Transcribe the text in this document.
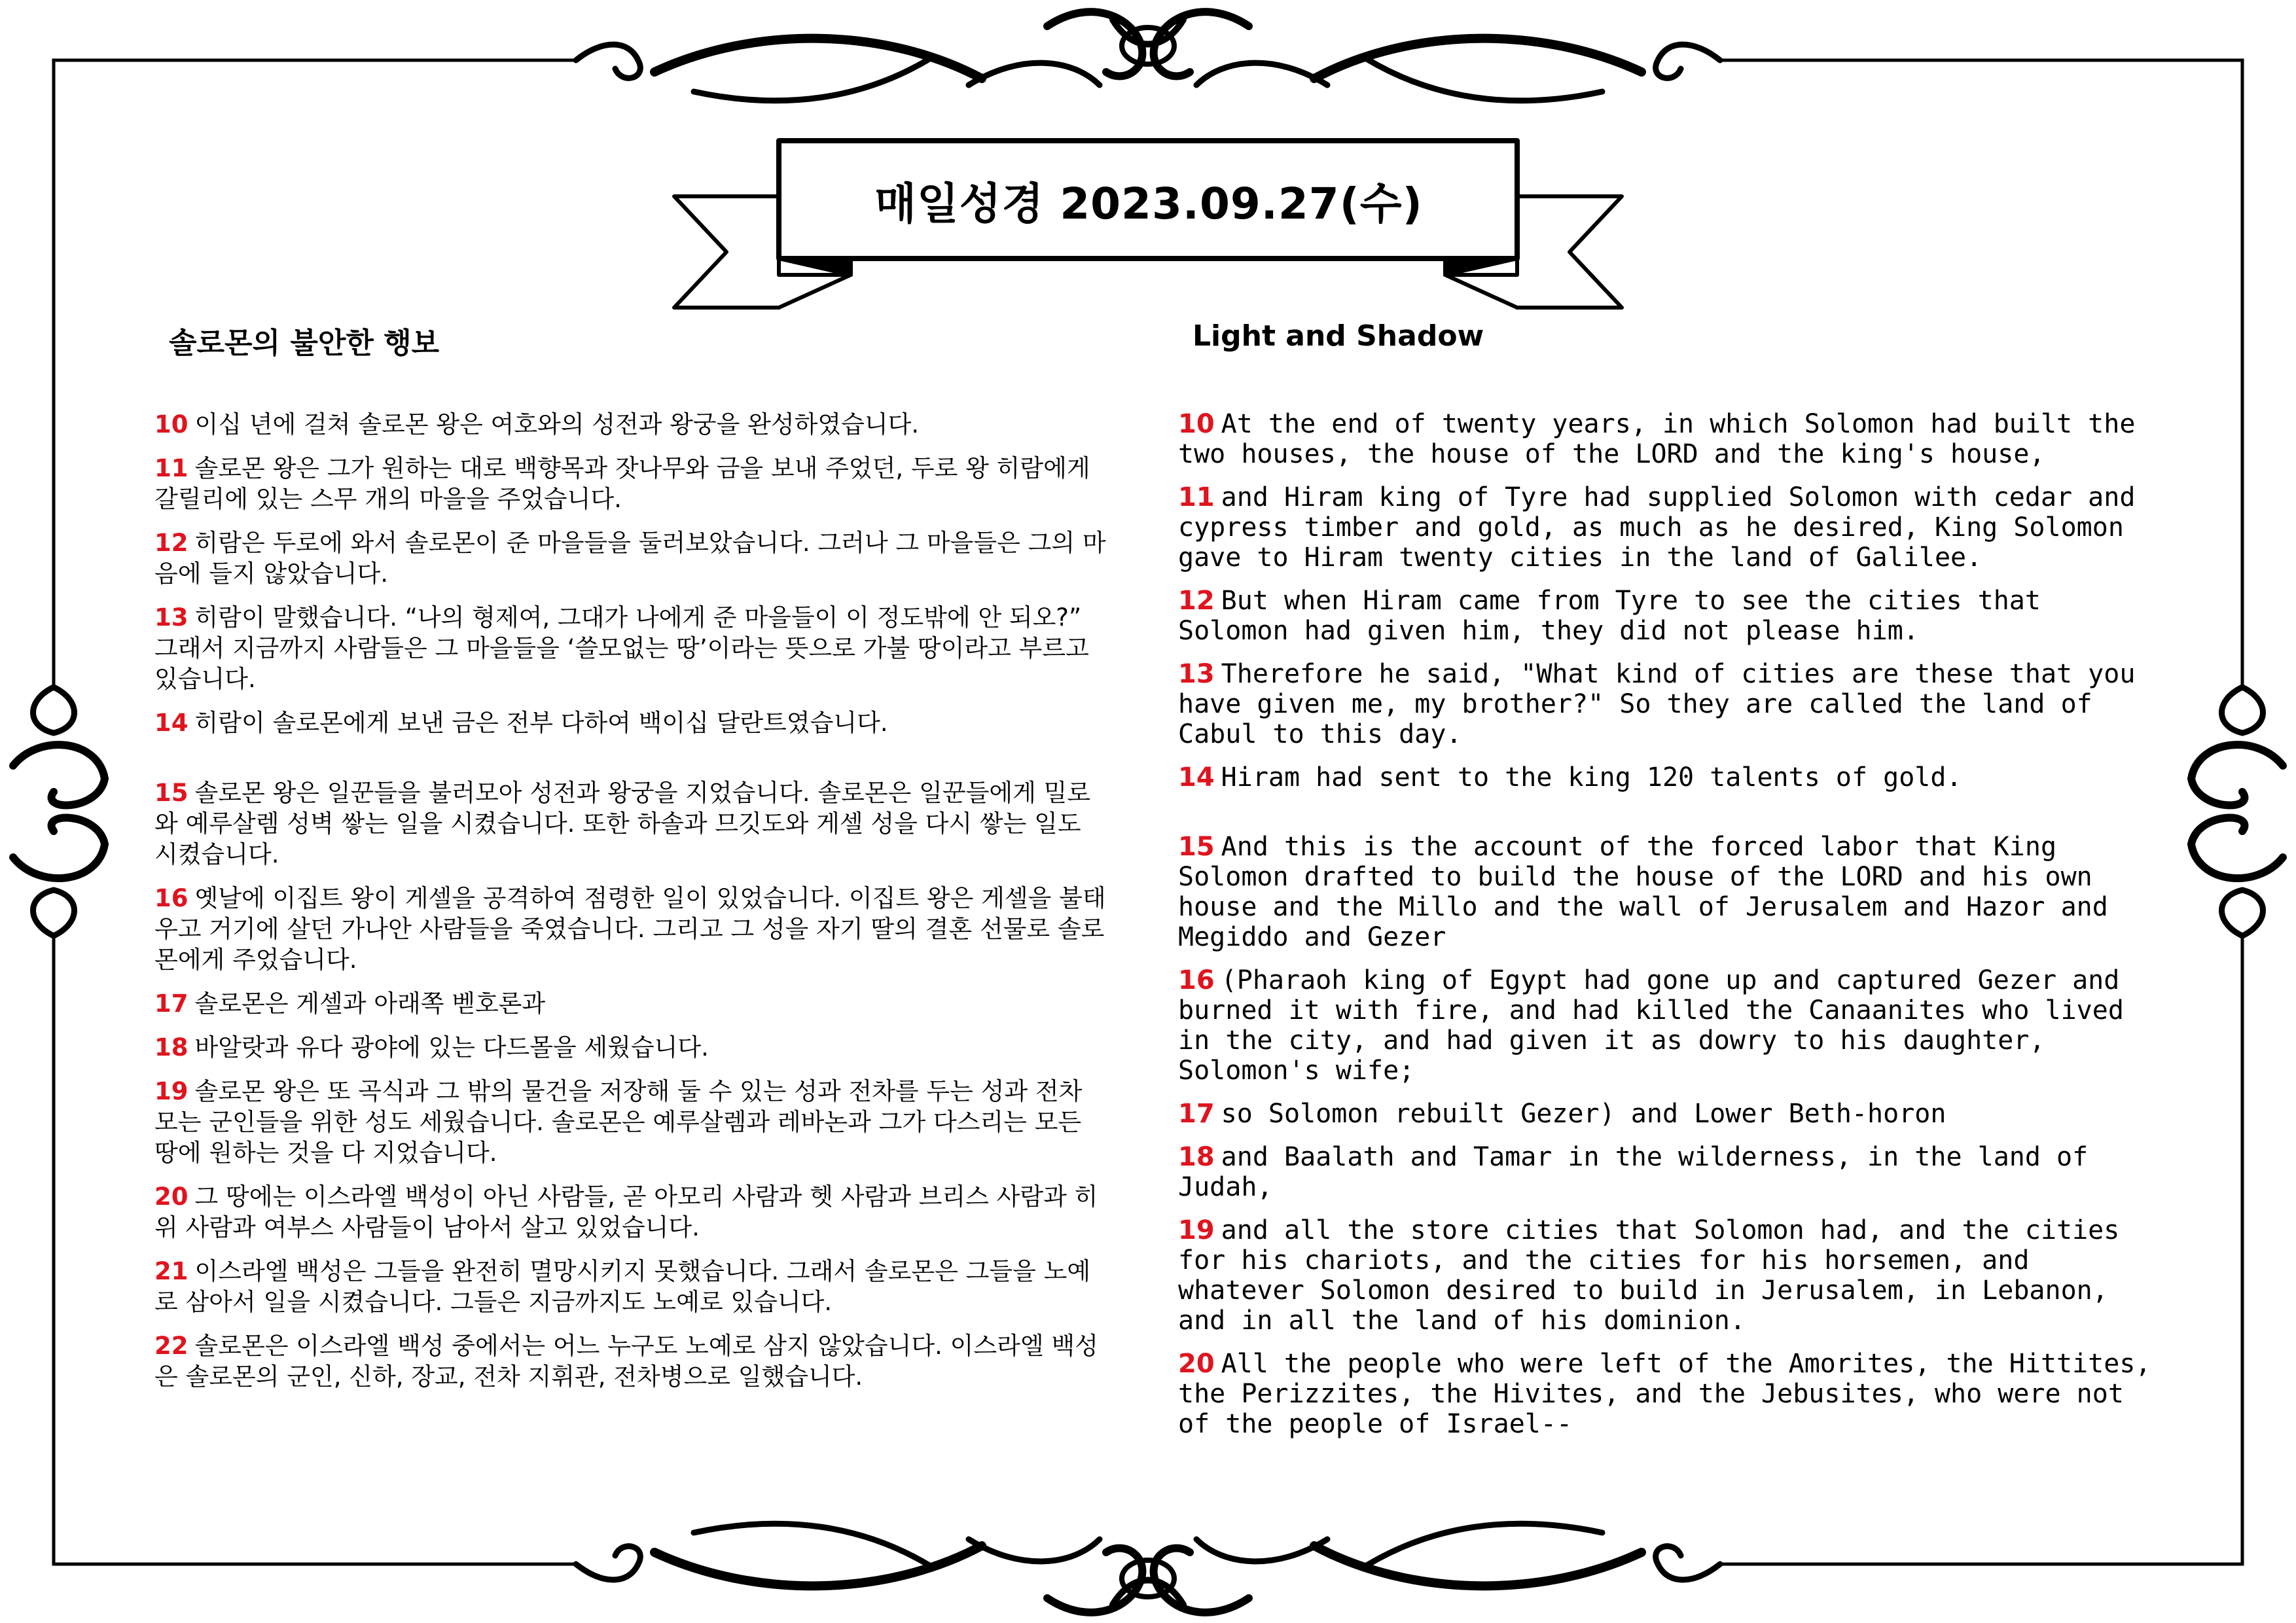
매일성경 2023.09.27(수)
솔로몬의 불안한 행보	Light and Shadow

10 이십 년에 걸쳐 솔로몬 왕은 여호와의 성전과 왕궁을 완성하였습니다.

11 솔로몬 왕은 그가 원하는 대로 백향목과 잣나무와 금을 보내 주었던, 두로 왕 히람에게 갈릴리에 있는 스무 개의 마을을 주었습니다.

12 히람은 두로에 와서 솔로몬이 준 마을들을 둘러보았습니다. 그러나 그 마을들은 그의 마음에 들지 않았습니다.

13 히람이 말했습니다. “나의 형제여, 그대가 나에게 준 마을들이 이 정도밖에 안 되오?” 그래서 지금까지 사람들은 그 마을들을 ‘쓸모없는 땅’이라는 뜻으로 가불 땅이라고 부르고 있습니다.

14 히람이 솔로몬에게 보낸 금은 전부 다하여 백이십 달란트였습니다.

15 솔로몬 왕은 일꾼들을 불러모아 성전과 왕궁을 지었습니다. 솔로몬은 일꾼들에게 밀로와 예루살렘 성벽 쌓는 일을 시켰습니다. 또한 하솔과 므깃도와 게셀 성을 다시 쌓는 일도 시켰습니다.

16 옛날에 이집트 왕이 게셀을 공격하여 점령한 일이 있었습니다. 이집트 왕은 게셀을 불태우고 거기에 살던 가나안 사람들을 죽였습니다. 그리고 그 성을 자기 딸의 결혼 선물로 솔로몬에게 주었습니다.

17 솔로몬은 게셀과 아래쪽 벧호론과

18 바알랏과 유다 광야에 있는 다드몰을 세웠습니다.

19 솔로몬 왕은 또 곡식과 그 밖의 물건을 저장해 둘 수 있는 성과 전차를 두는 성과 전차 모는 군인들을 위한 성도 세웠습니다. 솔로몬은 예루살렘과 레바논과 그가 다스리는 모든 땅에 원하는 것을 다 지었습니다.

20 그 땅에는 이스라엘 백성이 아닌 사람들, 곧 아모리 사람과 헷 사람과 브리스 사람과 히위 사람과 여부스 사람들이 남아서 살고 있었습니다.

21 이스라엘 백성은 그들을 완전히 멸망시키지 못했습니다. 그래서 솔로몬은 그들을 노예로 삼아서 일을 시켰습니다. 그들은 지금까지도 노예로 있습니다.

22 솔로몬은 이스라엘 백성 중에서는 어느 누구도 노예로 삼지 않았습니다. 이스라엘 백성은 솔로몬의 군인, 신하, 장교, 전차 지휘관, 전차병으로 일했습니다.

10 At the end of twenty years, in which Solomon had built the two houses, the house of the LORD and the king's house,

11 and Hiram king of Tyre had supplied Solomon with cedar and cypress timber and gold, as much as he desired, King Solomon gave to Hiram twenty cities in the land of Galilee.

12 But when Hiram came from Tyre to see the cities that Solomon had given him, they did not please him.

13 Therefore he said, "What kind of cities are these that you have given me, my brother?" So they are called the land of Cabul to this day.

14 Hiram had sent to the king 120 talents of gold.

15 And this is the account of the forced labor that King Solomon drafted to build the house of the LORD and his own house and the Millo and the wall of Jerusalem and Hazor and Megiddo and Gezer

16 (Pharaoh king of Egypt had gone up and captured Gezer and burned it with fire, and had killed the Canaanites who lived in the city, and had given it as dowry to his daughter, Solomon's wife;

17 so Solomon rebuilt Gezer) and Lower Beth-horon

18 and Baalath and Tamar in the wilderness, in the land of Judah,

19 and all the store cities that Solomon had, and the cities for his chariots, and the cities for his horsemen, and whatever Solomon desired to build in Jerusalem, in Lebanon, and in all the land of his dominion.

20 All the people who were left of the Amorites, the Hittites, the Perizzites, the Hivites, and the Jebusites, who were not of the people of Israel--
